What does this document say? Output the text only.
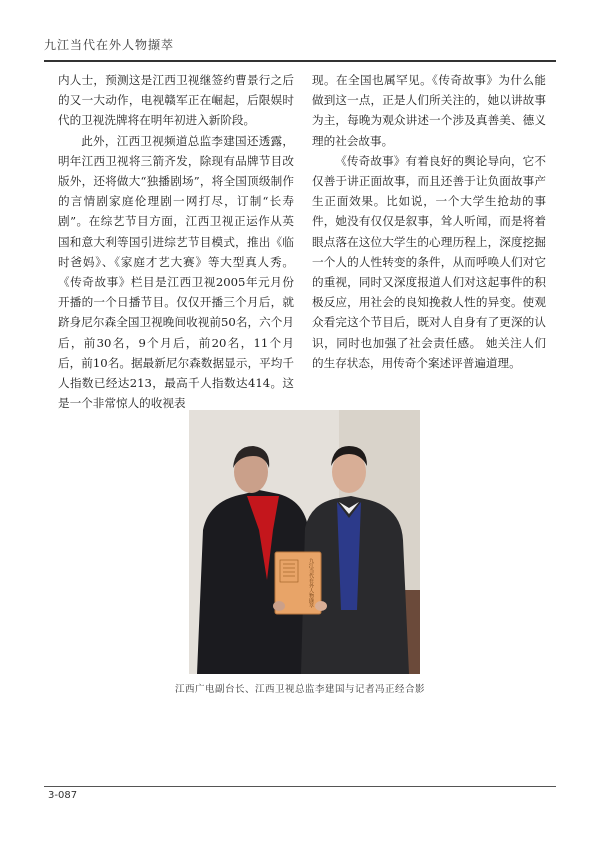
九江当代在外人物撷萃

内人士，预测这是江西卫视继签约曹景行之后的又一大动作，电视赣军正在崛起，后限娱时代的卫视洗牌将在明年初进入新阶段。

此外，江西卫视频道总监李建国还透露，明年江西卫视将三箭齐发，除现有品牌节目改版外，还将做大“独播剧场”，将全国顶级制作的言情剧家庭伦理剧一网打尽，订制“长寿剧”。在综艺节目方面，江西卫视正运作从英国和意大利等国引进综艺节目模式，推出《临时爸妈》、《家庭才艺大赛》等大型真人秀。《传奇故事》栏目是江西卫视2005年元月份开播的一个日播节目。仅仅开播三个月后，就跻身尼尔森全国卫视晚间收视前50名，六个月后，前30名，9个月后，前20名，11个月后，前10名。据最新尼尔森数据显示，平均千人指数已经达213，最高千人指数达414。这是一个非常惊人的收视表

现。在全国也属罕见。《传奇故事》为什么能做到这一点，正是人们所关注的，她以讲故事为主，每晚为观众讲述一个涉及真善美、德义理的社会故事。

《传奇故事》有着良好的舆论导向，它不仅善于讲正面故事，而且还善于让负面故事产生正面效果。比如说，一个大学生抢劫的事件，她没有仅仅是叙事，耸人听闻，而是将着眼点落在这位大学生的心理历程上，深度挖掘一个人的人性转变的条件，从而呼唤人们对它的重视，同时又深度报道人们对这起事件的积极反应，用社会的良知挽救人性的异变。使观众看完这个节目后，既对人自身有了更深的认识，同时也加强了社会责任感。 她关注人们的生存状态，用传奇个案述评普遍道理。

九江当代在外人物撷萃
江西广电副台长、江西卫视总监李建国与记者冯正经合影
3-087
